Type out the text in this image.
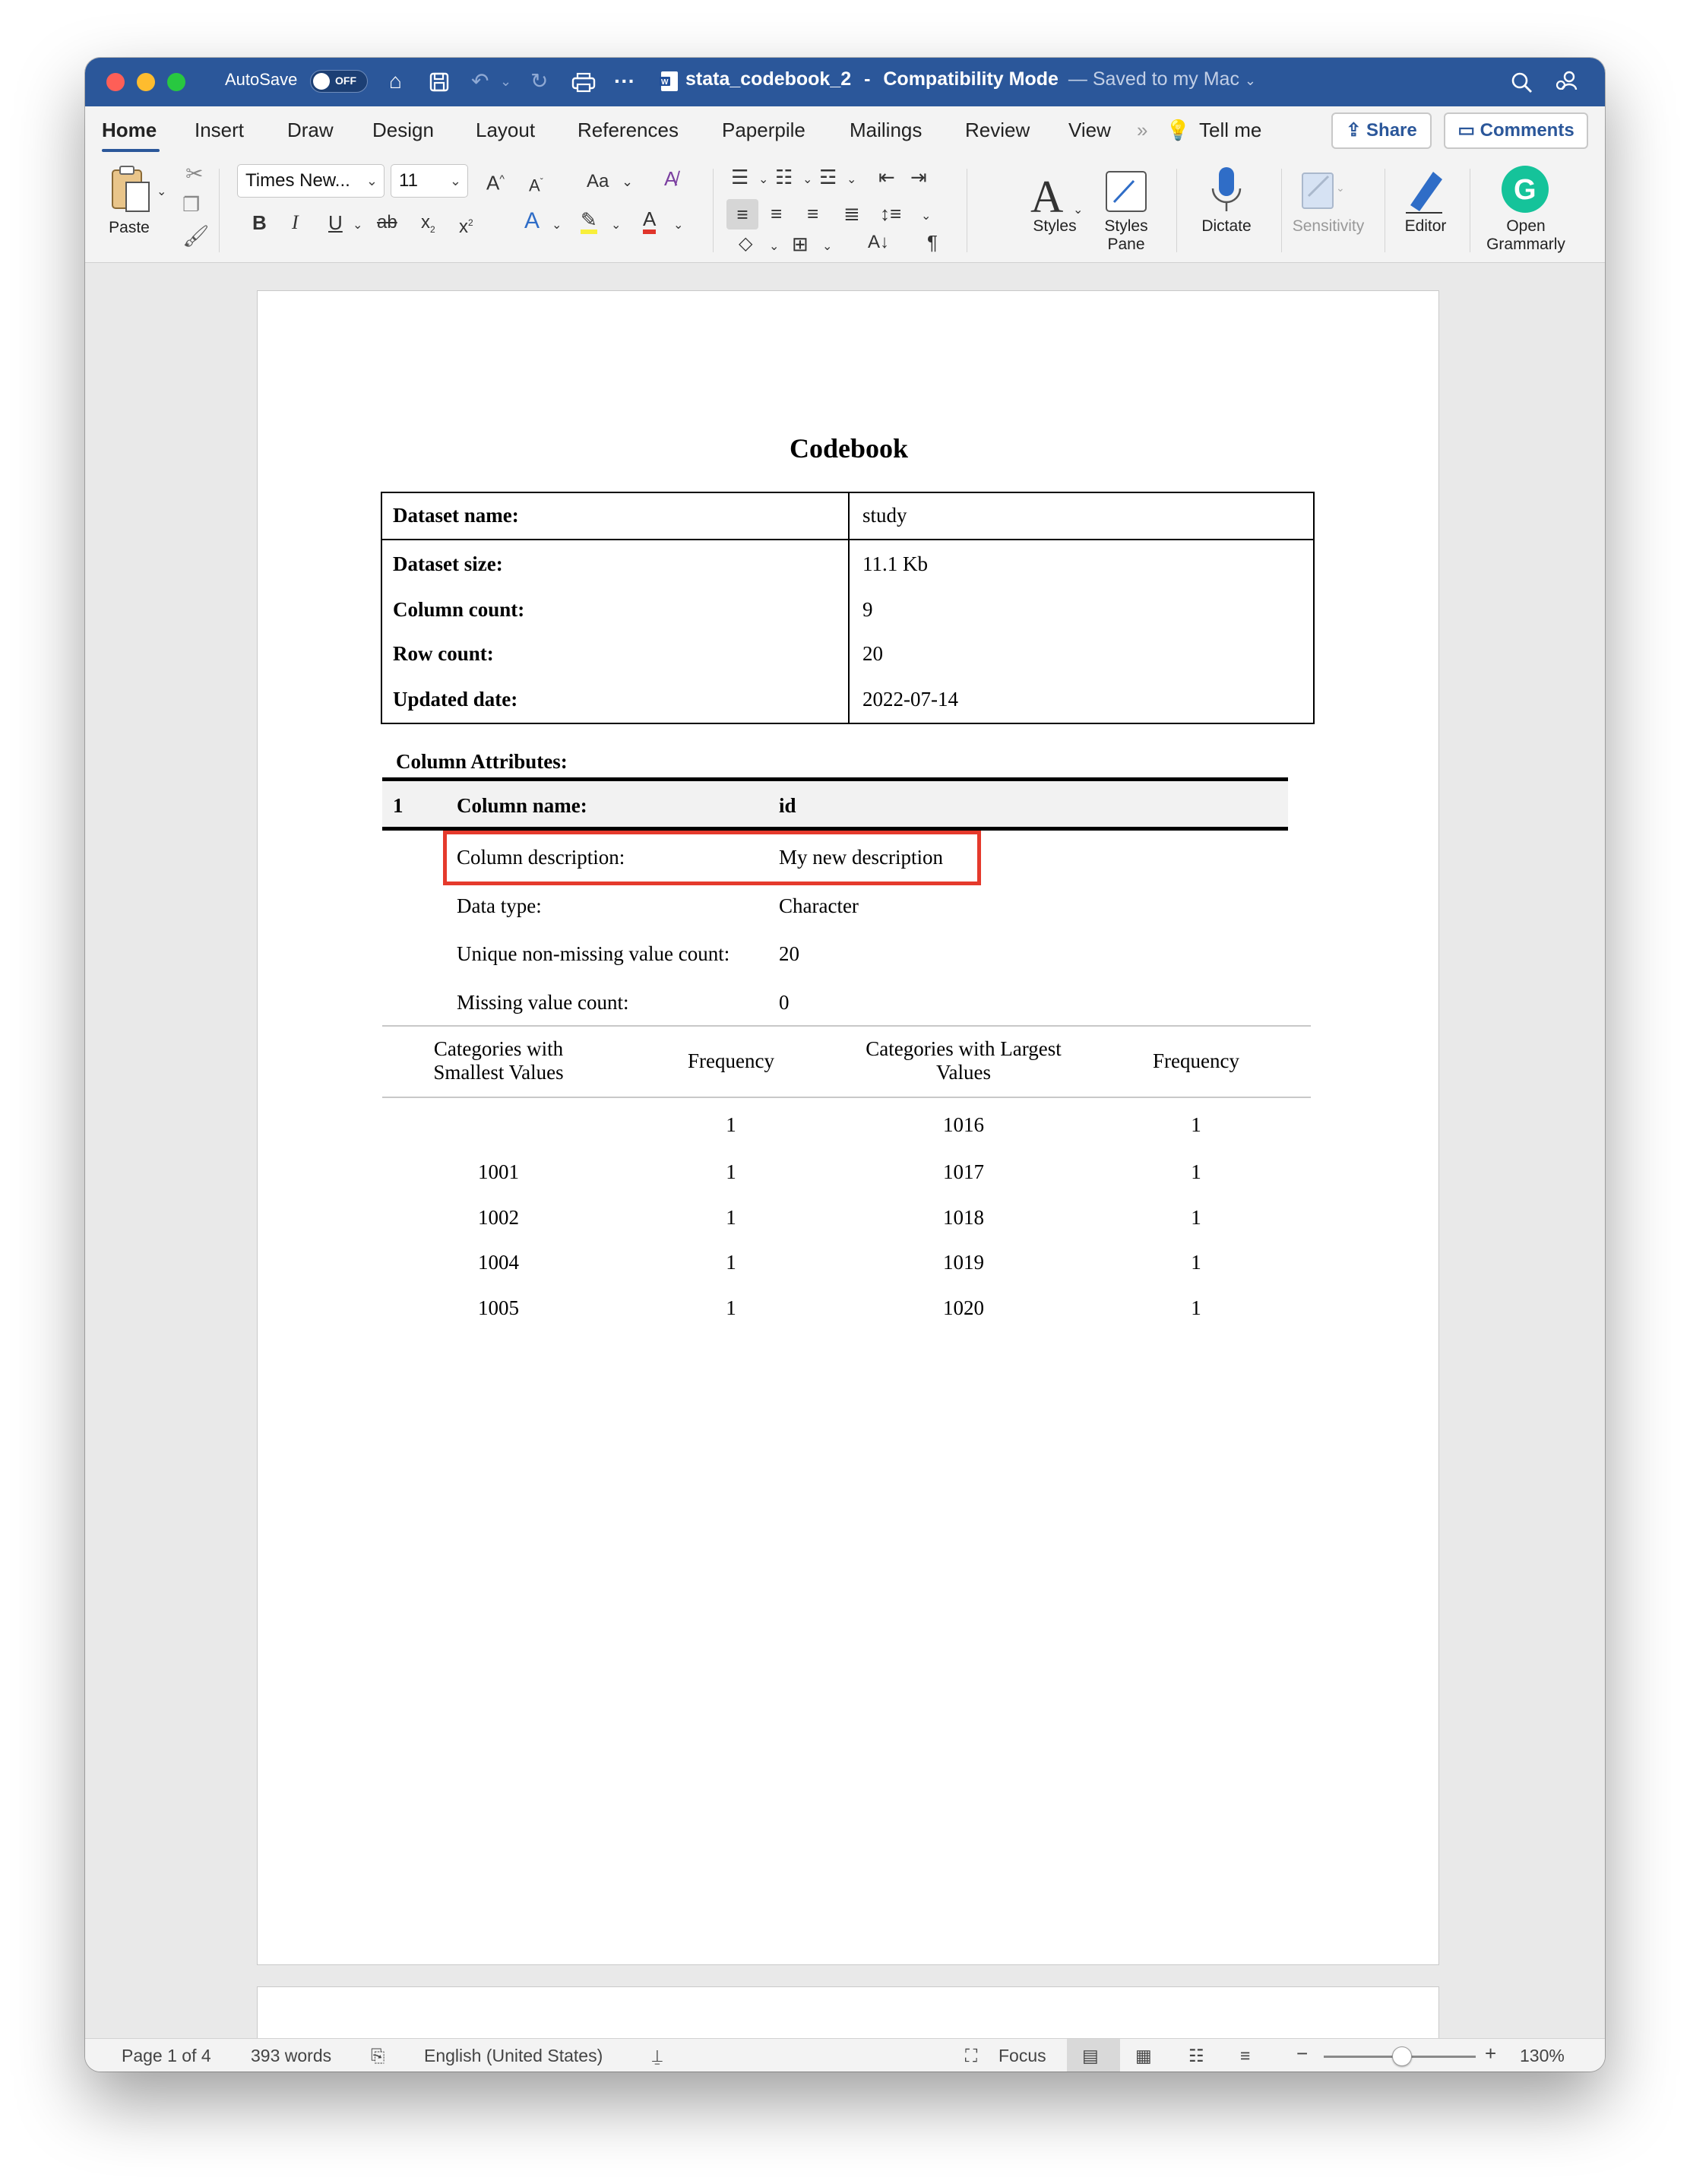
AutoSave	OFF ⌂	↶ ⌄ ↻	···	W stata_codebook_2 - Compatibility Mode — Saved to my Mac ⌄
Home Insert Draw Design Layout References Paperpile Mailings Review View » 💡 Tell me	⇪ Share	▭ Comments
⌄
Paste
✂
❐
🖌
Times New... ⌄	11 ⌄ A^ $A^ˇ$ Aa ⌄ A̸
B I U ⌄ ab $x_2$ $x^2$ A ⌄ ✎ ⌄ A ⌄
☰ ⌄ ☷ ⌄ ☲ ⌄ ⇤ ⇥
≡	≡ ≡ ≣ ↕≡ ⌄
◇ ⌄ ⊞ ⌄ A↓ ¶
A ⌄
Styles	Styles
Pane
Dictate
⌄
Sensitivity	Editor
G
Open
Grammarly
Codebook
Dataset name:	study
Dataset size:	11.1 Kb
Column count:	9
Row count:	20
Updated date:	2022-07-14
Column Attributes:
1	Column name:	id
Column description:	My new description
Data type:	Character
Unique non-missing value count: 20
Missing value count:	0
Categories with
Smallest Values	Frequency
Categories with Largest
Values	Frequency
1	1016	1
1001	1	1017	1
1002	1	1018	1
1004	1	1019	1
1005	1	1020	1
Page 1 of 4 393 words ⎘ English (United States)	⍊	⛶ Focus ▤ ▦ ☷ ≡ −	+ 130%
